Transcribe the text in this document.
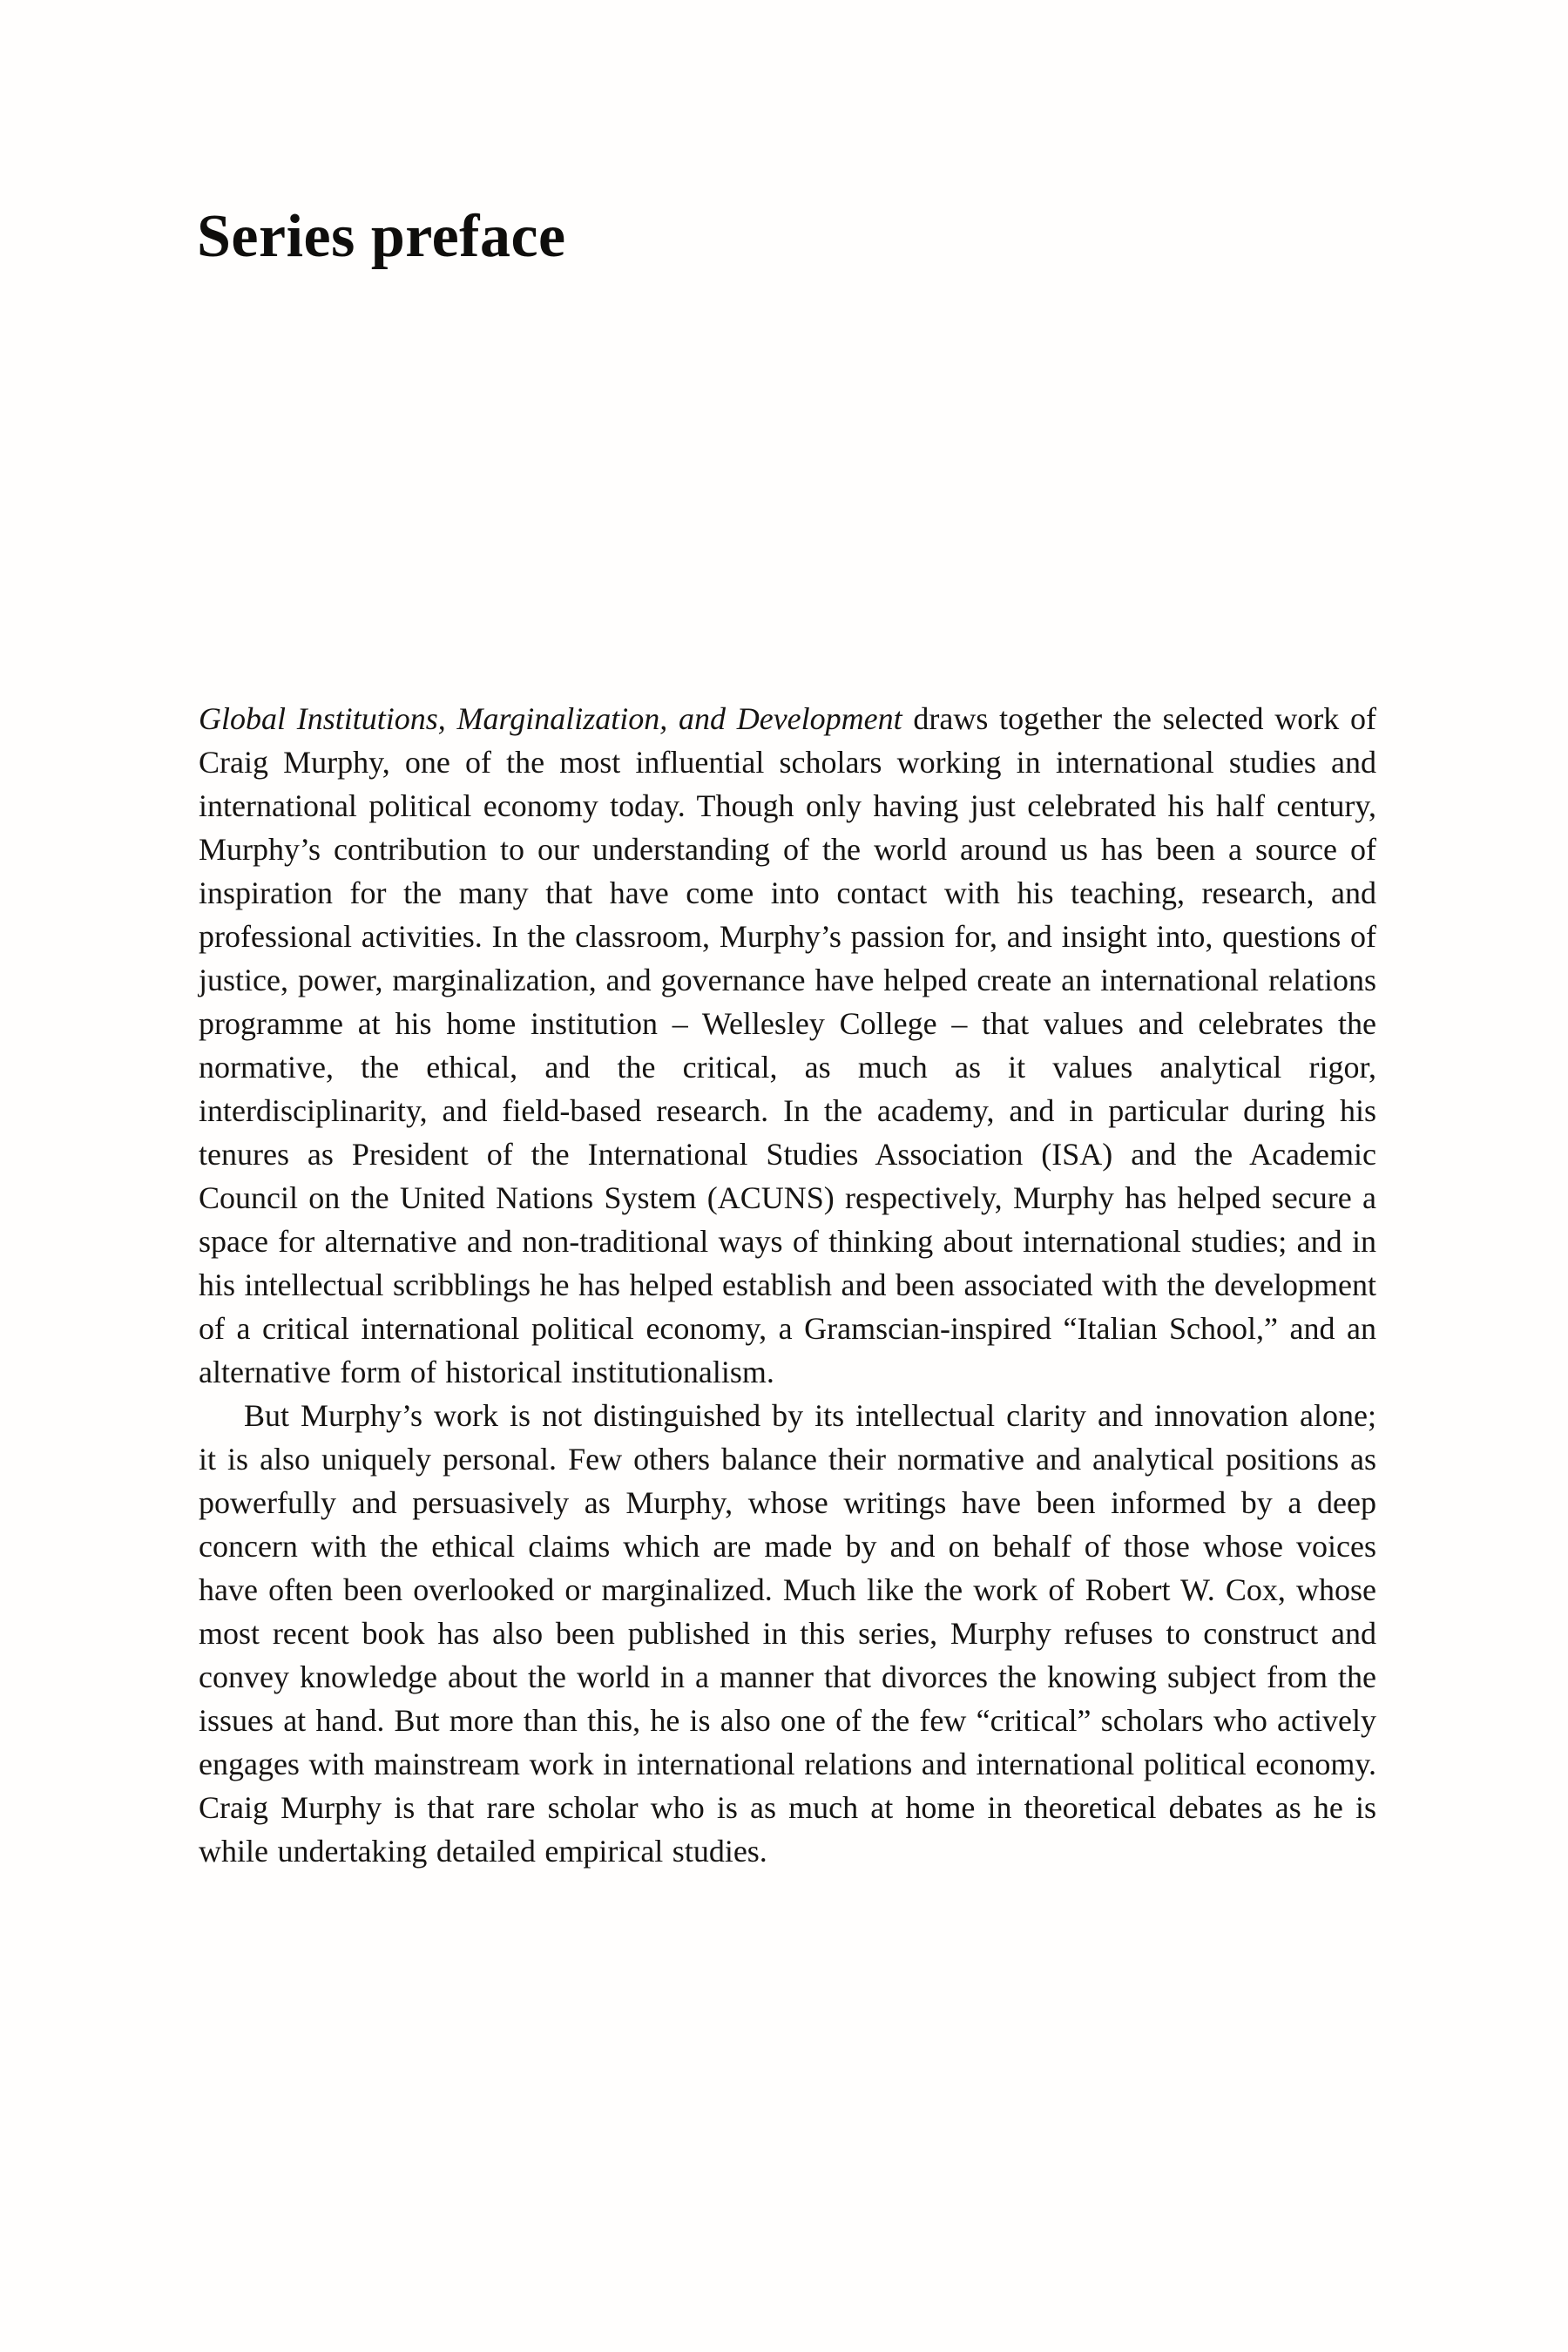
Series preface

Global Institutions, Marginalization, and Development draws together the selected work of Craig Murphy, one of the most influential scholars working in international studies and international political economy today. Though only having just celebrated his half century, Murphy’s contribution to our understanding of the world around us has been a source of inspiration for the many that have come into contact with his teaching, research, and professional activities. In the classroom, Murphy’s passion for, and insight into, questions of justice, power, marginalization, and governance have helped create an international relations programme at his home institution – Wellesley College – that values and celebrates the normative, the ethical, and the critical, as much as it values analytical rigor, interdisciplinarity, and field-based research. In the academy, and in particular during his tenures as President of the International Studies Association (ISA) and the Academic Council on the United Nations System (ACUNS) respectively, Murphy has helped secure a space for alternative and non-traditional ways of thinking about international studies; and in his intellectual scribblings he has helped establish and been associated with the development of a critical international political economy, a Gramscian-inspired “Italian School,” and an alternative form of historical institutionalism.

But Murphy’s work is not distinguished by its intellectual clarity and innovation alone; it is also uniquely personal. Few others balance their normative and analytical positions as powerfully and persuasively as Murphy, whose writings have been informed by a deep concern with the ethical claims which are made by and on behalf of those whose voices have often been overlooked or marginalized. Much like the work of Robert W. Cox, whose most recent book has also been published in this series, Murphy refuses to construct and convey knowledge about the world in a manner that divorces the knowing subject from the issues at hand. But more than this, he is also one of the few “critical” scholars who actively engages with mainstream work in international relations and international political economy. Craig Murphy is that rare scholar who is as much at home in theoretical debates as he is while undertaking detailed empirical studies.
